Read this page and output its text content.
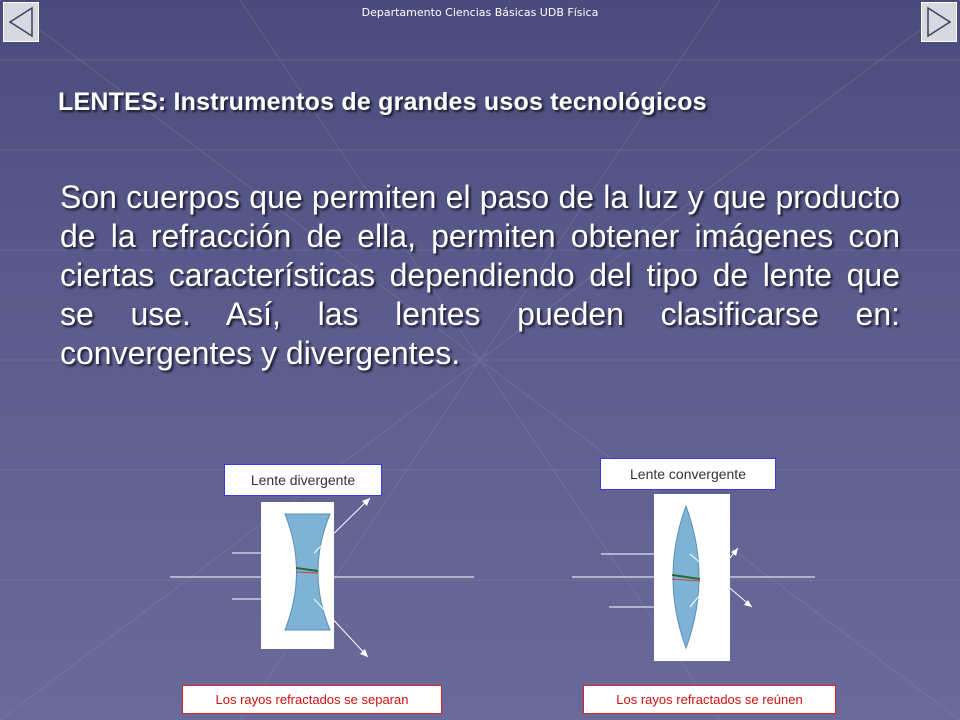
Departamento Ciencias Básicas UDB Física
LENTES: Instrumentos de grandes usos tecnológicos
Son cuerpos que permiten el paso de la luz y que producto de la refracción de ella, permiten obtener imágenes con ciertas características dependiendo del tipo de lente que se use. Así, las lentes pueden clasificarse en: convergentes y divergentes.
Lente divergente
Los rayos refractados se separan
Lente convergente
Los rayos refractados se reúnen
